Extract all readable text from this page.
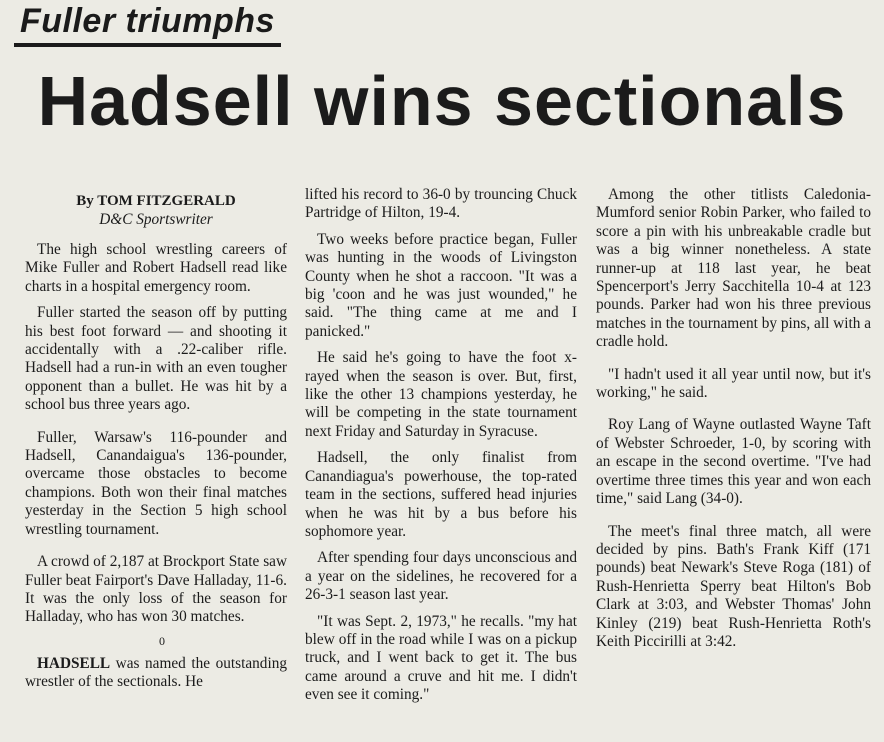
Fuller triumphs
Hadsell wins sectionals
By TOM FITZGERALD
D&C Sportswriter

The high school wrestling careers of Mike Fuller and Robert Hadsell read like charts in a hospital emergency room.

Fuller started the season off by putting his best foot forward — and shooting it accidentally with a .22-caliber rifle. Hadsell had a run-in with an even tougher opponent than a bullet. He was hit by a school bus three years ago.

Fuller, Warsaw's 116-pounder and Hadsell, Canandaigua's 136-pounder, overcame those obstacles to become champions. Both won their final matches yesterday in the Section 5 high school wrestling tournament.

A crowd of 2,187 at Brockport State saw Fuller beat Fairport's Dave Halladay, 11-6. It was the only loss of the season for Halladay, who has won 30 matches.

0

HADSELL was named the outstanding wrestler of the sectionals. He

lifted his record to 36-0 by trouncing Chuck Partridge of Hilton, 19-4.

Two weeks before practice began, Fuller was hunting in the woods of Livingston County when he shot a raccoon. "It was a big 'coon and he was just wounded," he said. "The thing came at me and I panicked."

He said he's going to have the foot x-rayed when the season is over. But, first, like the other 13 champions yesterday, he will be competing in the state tournament next Friday and Saturday in Syracuse.

Hadsell, the only finalist from Canandiagua's powerhouse, the top-rated team in the sections, suffered head injuries when he was hit by a bus before his sophomore year.

After spending four days unconscious and a year on the sidelines, he recovered for a 26-3-1 season last year.

"It was Sept. 2, 1973," he recalls. "my hat blew off in the road while I was on a pickup truck, and I went back to get it. The bus came around a cruve and hit me. I didn't even see it coming."

Among the other titlists Caledonia-Mumford senior Robin Parker, who failed to score a pin with his unbreakable cradle but was a big winner nonetheless. A state runner-up at 118 last year, he beat Spencerport's Jerry Sacchitella 10-4 at 123 pounds. Parker had won his three previous matches in the tournament by pins, all with a cradle hold.

"I hadn't used it all year until now, but it's working," he said.

Roy Lang of Wayne outlasted Wayne Taft of Webster Schroeder, 1-0, by scoring with an escape in the second overtime. "I've had overtime three times this year and won each time," said Lang (34-0).

The meet's final three match, all were decided by pins. Bath's Frank Kiff (171 pounds) beat Newark's Steve Roga (181) of Rush-Henrietta Sperry beat Hilton's Bob Clark at 3:03, and Webster Thomas' John Kinley (219) beat Rush-Henrietta Roth's Keith Piccirilli at 3:42.
